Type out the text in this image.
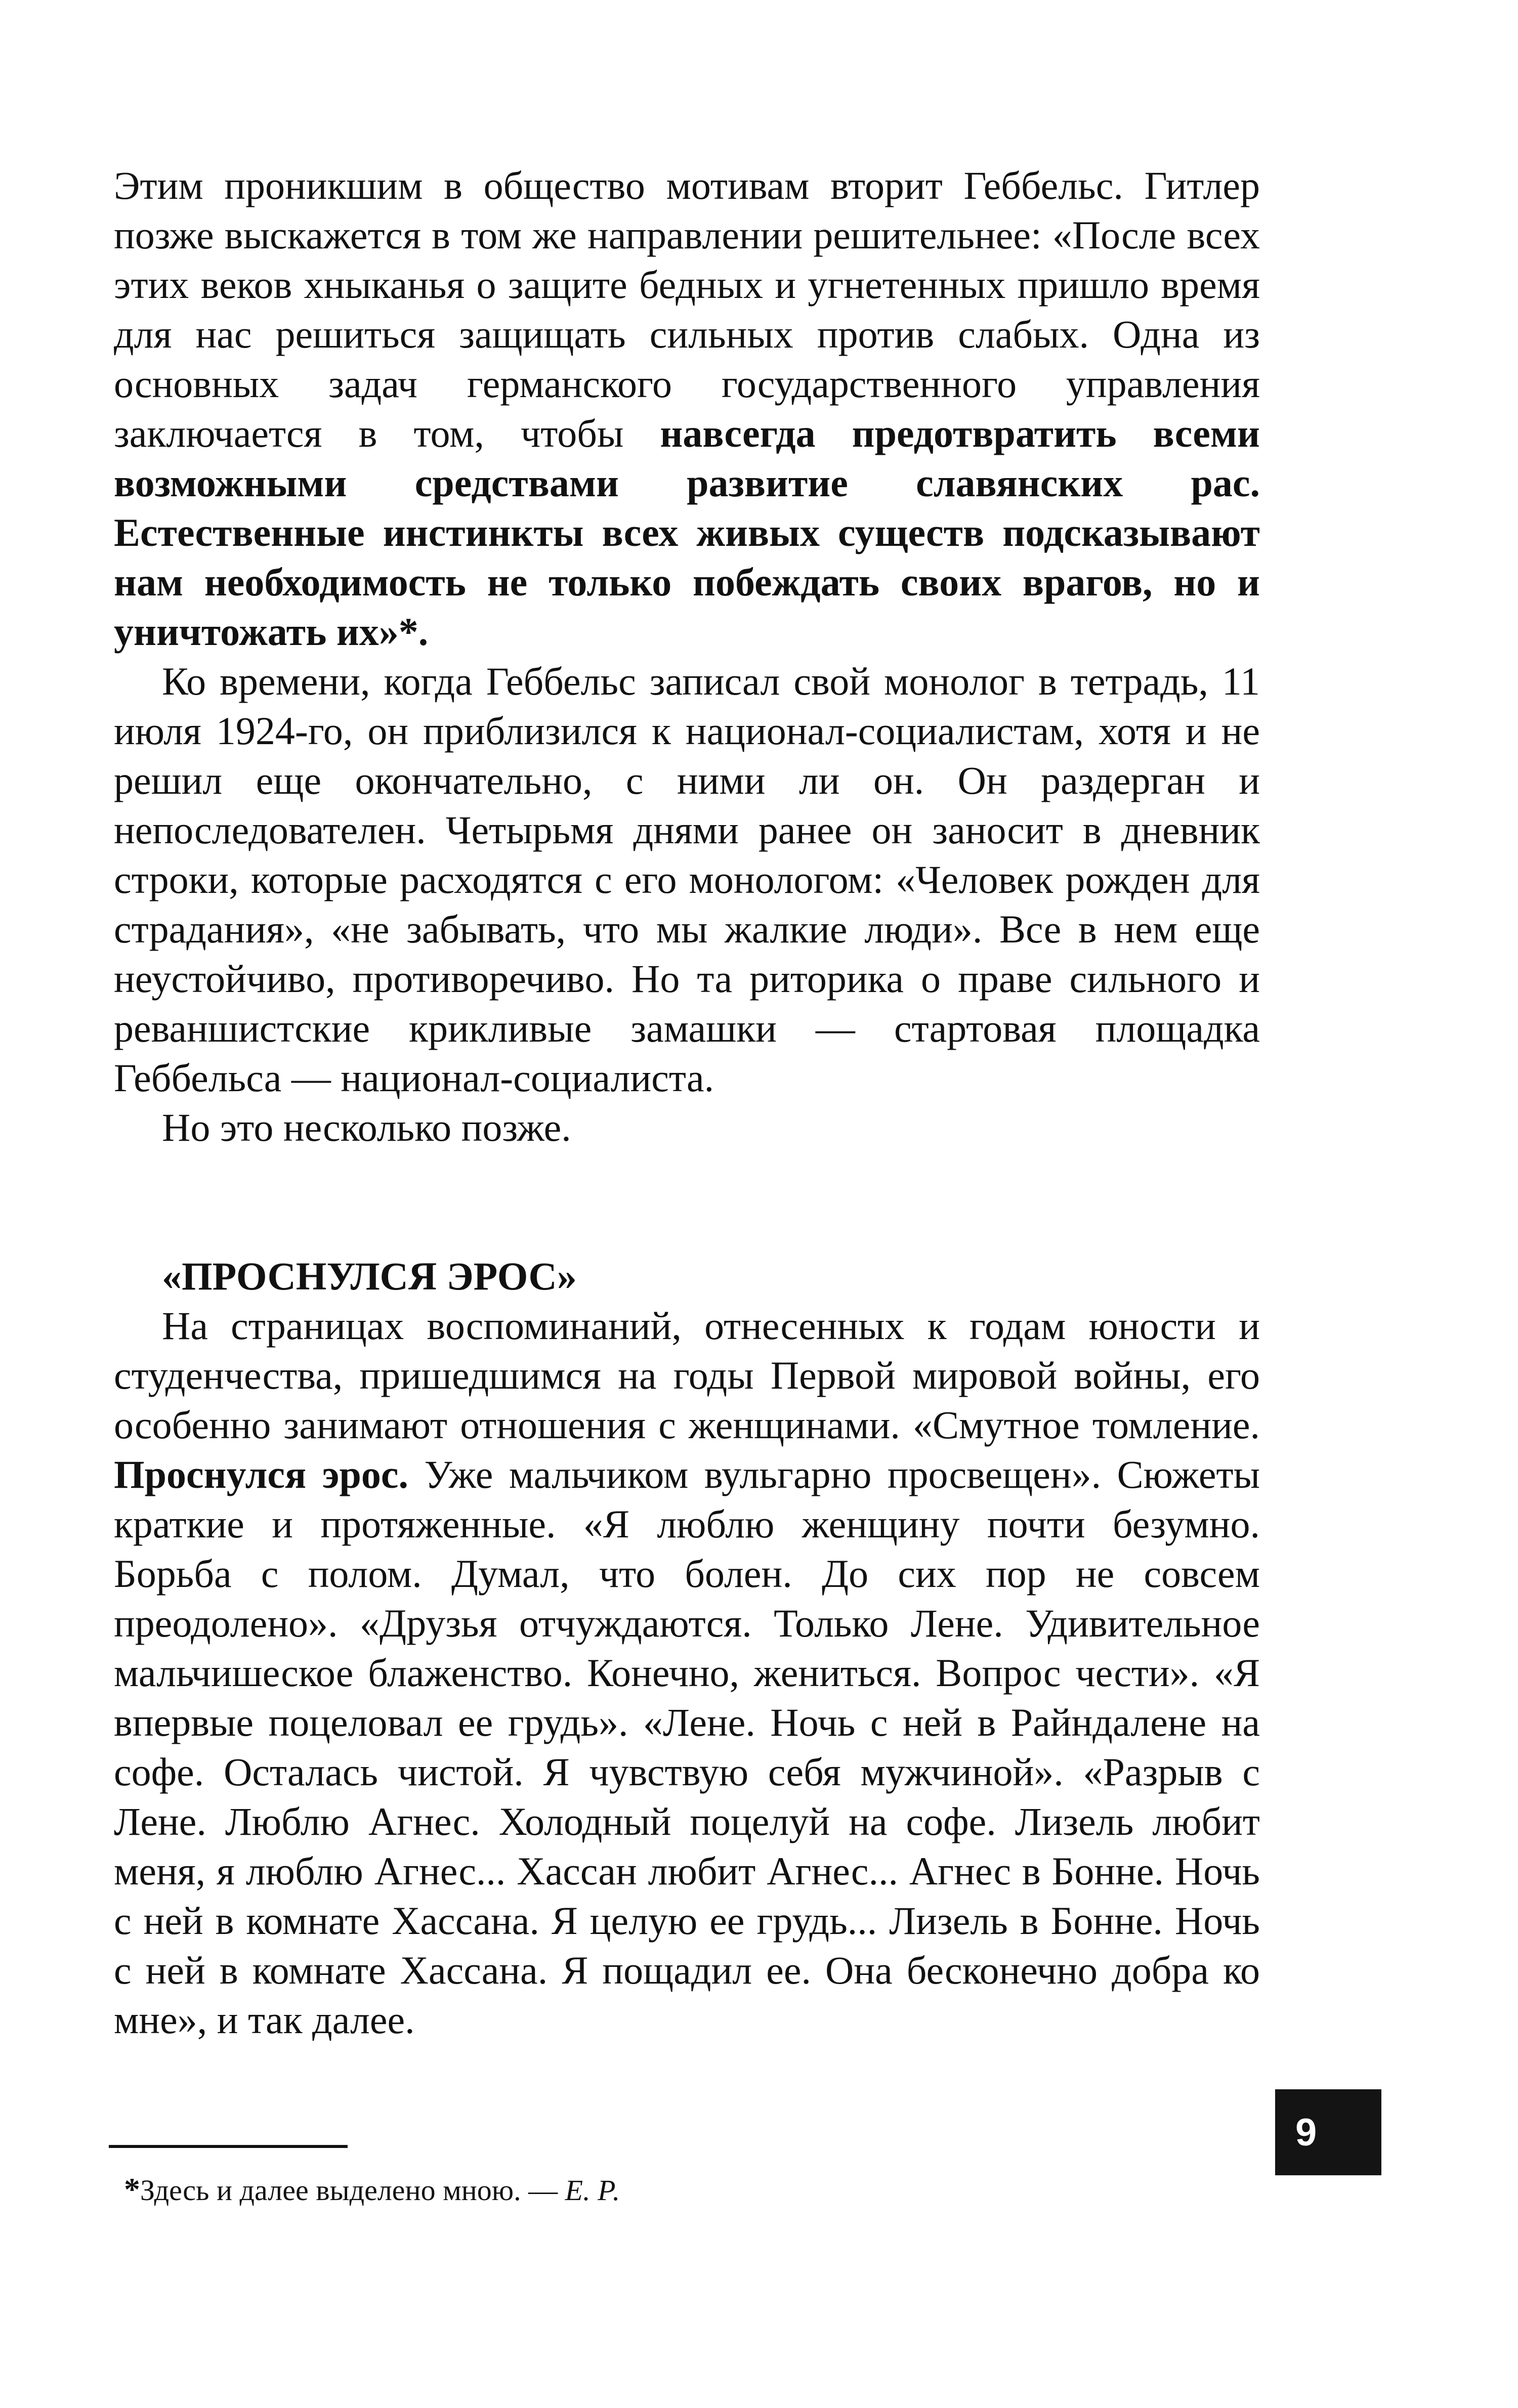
Этим проникшим в общество мотивам вторит Геббельс. Гитлер позже выскажется в том же направлении решительнее: «После всех этих веков хныканья о защите бедных и угнетенных пришло время для нас решиться защищать сильных против слабых. Одна из основных задач германского государственного управления заключается в том, чтобы навсегда предотвратить всеми возможными средствами развитие славянских рас. Естественные инстинкты всех живых существ подсказывают нам необходимость не только побеждать своих врагов, но и уничтожать их»*.

Ко времени, когда Геббельс записал свой монолог в тетрадь, 11 июля 1924-го, он приблизился к национал-социалистам, хотя и не решил еще окончательно, с ними ли он. Он раздерган и непоследователен. Четырьмя днями ранее он заносит в дневник строки, которые расходятся с его монологом: «Человек рожден для страдания», «не забывать, что мы жалкие люди». Все в нем еще неустойчиво, противоречиво. Но та риторика о праве сильного и реваншистские крикливые замашки — стартовая площадка Геббельса — национал-социалиста.

Но это несколько позже.

«ПРОСНУЛСЯ ЭРОС»

На страницах воспоминаний, отнесенных к годам юности и студенчества, пришедшимся на годы Первой мировой войны, его особенно занимают отношения с женщинами. «Смутное томление. Проснулся эрос. Уже мальчиком вульгарно просвещен». Сюжеты краткие и протяженные. «Я люблю женщину почти безумно. Борьба с полом. Думал, что болен. До сих пор не совсем преодолено». «Друзья отчуждаются. Только Лене. Удивительное мальчишеское блаженство. Конечно, жениться. Вопрос чести». «Я впервые поцеловал ее грудь». «Лене. Ночь с ней в Райндалене на софе. Осталась чистой. Я чувствую себя мужчиной». «Разрыв с Лене. Люблю Агнес. Холодный поцелуй на софе. Лизель любит меня, я люблю Агнес... Хассан любит Агнес... Агнес в Бонне. Ночь с ней в комнате Хассана. Я целую ее грудь... Лизель в Бонне. Ночь с ней в комнате Хассана. Я пощадил ее. Она бесконечно добра ко мне», и так далее.

*Здесь и далее выделено мною. — Е. Р.
9
